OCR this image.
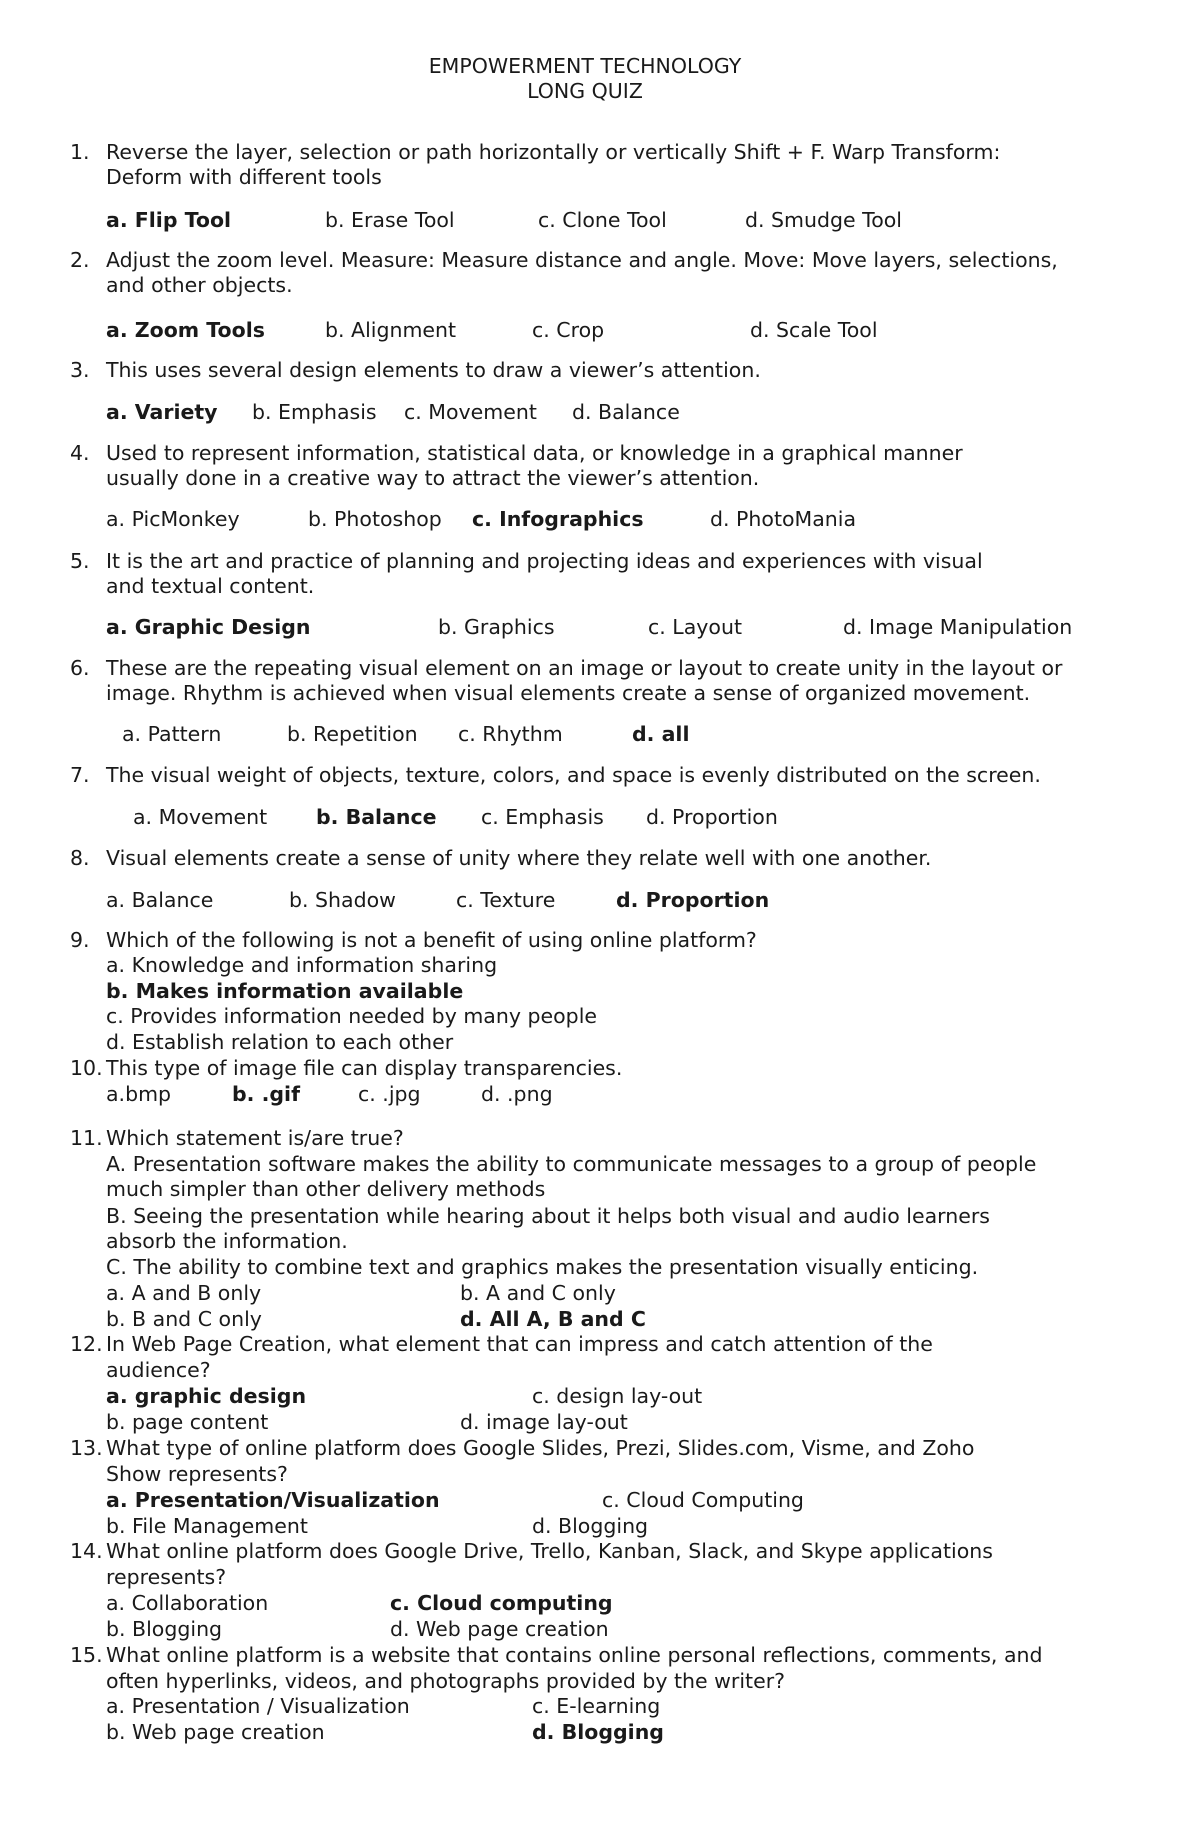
EMPOWERMENT TECHNOLOGY
LONG QUIZ
1. Reverse the layer, selection or path horizontally or vertically Shift + F. Warp Transform:
Deform with different tools
a. Flip Tool	b. Erase Tool	c. Clone Tool	d. Smudge Tool
2. Adjust the zoom level. Measure: Measure distance and angle. Move: Move layers, selections,
and other objects.
a. Zoom Tools	b. Alignment	c. Crop	d. Scale Tool
3. This uses several design elements to draw a viewer’s attention.
a. Variety b. Emphasis c. Movement d. Balance
4. Used to represent information, statistical data, or knowledge in a graphical manner
usually done in a creative way to attract the viewer’s attention.
a. PicMonkey	b. Photoshop c. Infographics	d. PhotoMania
5. It is the art and practice of planning and projecting ideas and experiences with visual
and textual content.
a. Graphic Design	b. Graphics	c. Layout	d. Image Manipulation
6. These are the repeating visual element on an image or layout to create unity in the layout or
image. Rhythm is achieved when visual elements create a sense of organized movement.
a. Pattern	b. Repetition c. Rhythm	d. all
7. The visual weight of objects, texture, colors, and space is evenly distributed on the screen.
a. Movement b. Balance c. Emphasis d. Proportion
8. Visual elements create a sense of unity where they relate well with one another.
a. Balance	b. Shadow	c. Texture	d. Proportion
9. Which of the following is not a benefit of using online platform?
a. Knowledge and information sharing
b. Makes information available
c. Provides information needed by many people
d. Establish relation to each other
10. This type of image file can display transparencies.
a.bmp	b. .gif	c. .jpg	d. .png
11. Which statement is/are true?
A. Presentation software makes the ability to communicate messages to a group of people
much simpler than other delivery methods
B. Seeing the presentation while hearing about it helps both visual and audio learners
absorb the information.
C. The ability to combine text and graphics makes the presentation visually enticing.
a. A and B only	b. A and C only
b. B and C only	d. All A, B and C
12. In Web Page Creation, what element that can impress and catch attention of the
audience?
a. graphic design	c. design lay-out
b. page content	d. image lay-out
13. What type of online platform does Google Slides, Prezi, Slides.com, Visme, and Zoho
Show represents?
a. Presentation/Visualization	c. Cloud Computing
b. File Management	d. Blogging
14. What online platform does Google Drive, Trello, Kanban, Slack, and Skype applications
represents?
a. Collaboration	c. Cloud computing
b. Blogging	d. Web page creation
15. What online platform is a website that contains online personal reflections, comments, and
often hyperlinks, videos, and photographs provided by the writer?
a. Presentation / Visualization	c. E-learning
b. Web page creation	d. Blogging
